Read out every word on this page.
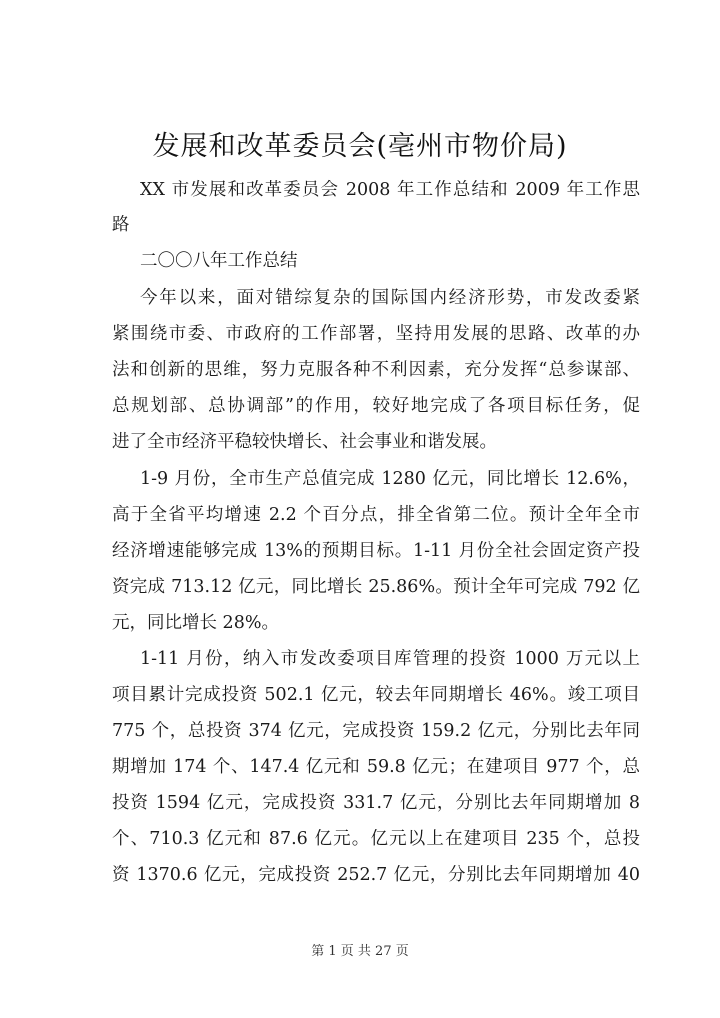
发展和改革委员会(亳州市物价局)
XX 市发展和改革委员会 2008 年工作总结和 2009 年工作思
路
二〇〇八年工作总结
今年以来，面对错综复杂的国际国内经济形势，市发改委紧
紧围绕市委、市政府的工作部署，坚持用发展的思路、改革的办
法和创新的思维，努力克服各种不利因素，充分发挥“总参谋部、
总规划部、总协调部”的作用，较好地完成了各项目标任务，促
进了全市经济平稳较快增长、社会事业和谐发展。
1-9 月份，全市生产总值完成 1280 亿元，同比增长 12.6%，
高于全省平均增速 2.2 个百分点，排全省第二位。预计全年全市
经济增速能够完成 13%的预期目标。1-11 月份全社会固定资产投
资完成 713.12 亿元，同比增长 25.86%。预计全年可完成 792 亿
元，同比增长 28%。
1-11 月份，纳入市发改委项目库管理的投资 1000 万元以上
项目累计完成投资 502.1 亿元，较去年同期增长 46%。竣工项目
775 个，总投资 374 亿元，完成投资 159.2 亿元，分别比去年同
期增加 174 个、147.4 亿元和 59.8 亿元；在建项目 977 个，总
投资 1594 亿元，完成投资 331.7 亿元，分别比去年同期增加 8
个、710.3 亿元和 87.6 亿元。亿元以上在建项目 235 个，总投
资 1370.6 亿元，完成投资 252.7 亿元，分别比去年同期增加 40
第 1 页 共 27 页
